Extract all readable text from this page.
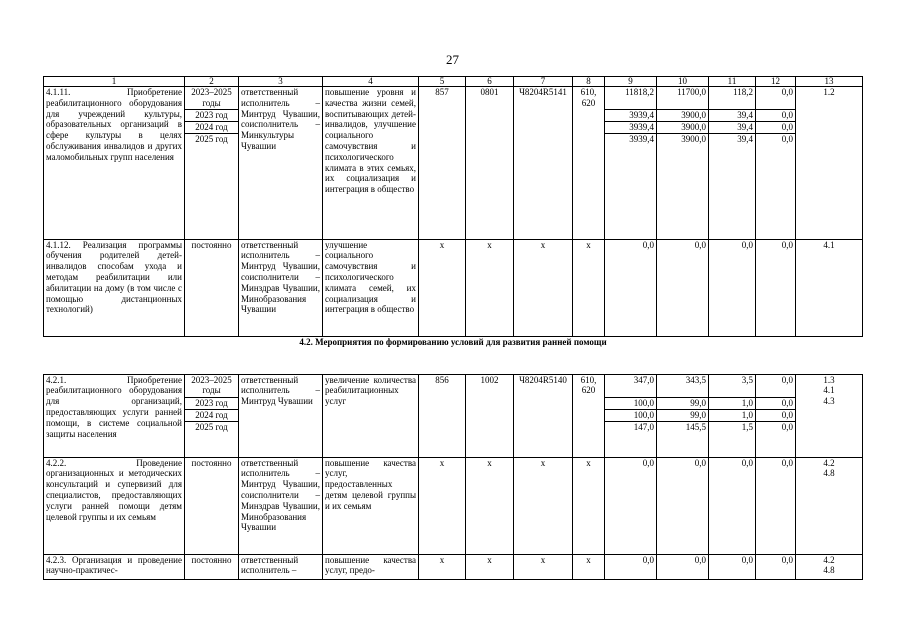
27
1	2	3	4	5	6	7	8	9	10	11	12	13
4.1.11. Приобретение реабилитационного оборудования для учреждений культуры, образовательных организаций в сфере культуры в целях обслуживания инвалидов и других маломобильных групп населения	2023–2025 годы	ответственный исполнитель – Минтруд Чувашии, соисполнитель – Минкультуры Чувашии	повышение уровня и качества жизни семей, воспитывающих детей-инвалидов, улучшение социального самочувствия и психологического климата в этих семьях, их социализация и интеграция в общество	857	0801	Ч8204R5141	610, 620	11818,2	11700,0	118,2	0,0	1.2
	2023 год							3939,4	3900,0	39,4	0,0	
	2024 год							3939,4	3900,0	39,4	0,0	
	2025 год							3939,4	3900,0	39,4	0,0	

4.1.12. Реализация программы обучения родителей детей-инвалидов способам ухода и методам реабилитации или абилитации на дому (в том числе с помощью дистанционных технологий)	постоянно	ответственный исполнитель – Минтруд Чувашии, соисполнители – Минздрав Чувашии, Минобразования Чувашии	улучшение социального самочувствия и психологического климата семей, их социализация и интеграция в общество	х	х	х	х	0,0	0,0	0,0	0,0	4.1
4.2. Мероприятия по формированию условий для развития ранней помощи												
4.2.1. Приобретение реабилитационного оборудования для организаций, предоставляющих услуги ранней помощи, в системе социальной защиты населения	2023–2025 годы	ответственный исполнитель – Минтруд Чувашии	увеличение количества реабилитационных услуг	856	1002	Ч8204R5140	610, 620	347,0	343,5	3,5	0,0	1.3
4.1
4.3

	2023 год							100,0	99,0	1,0	0,0	
	2024 год							100,0	99,0	1,0	0,0	
	2025 год							147,0	145,5	1,5	0,0	

4.2.2. Проведение организационных и методических консультаций и супервизий для специалистов, предоставляющих услуги ранней помощи детям целевой группы и их семьям	постоянно	ответственный исполнитель – Минтруд Чувашии, соисполнители – Минздрав Чувашии, Минобразования Чувашии	повышение качества услуг, предоставленных детям целевой группы и их семьям	х	х	х	х	0,0	0,0	0,0	0,0	4.2
4.8

4.2.3. Организация и проведение научно-практичес-	постоянно	ответственный исполнитель –	повышение качества услуг, предо-	х	х	х	х	0,0	0,0	0,0	0,0	4.2
4.8
